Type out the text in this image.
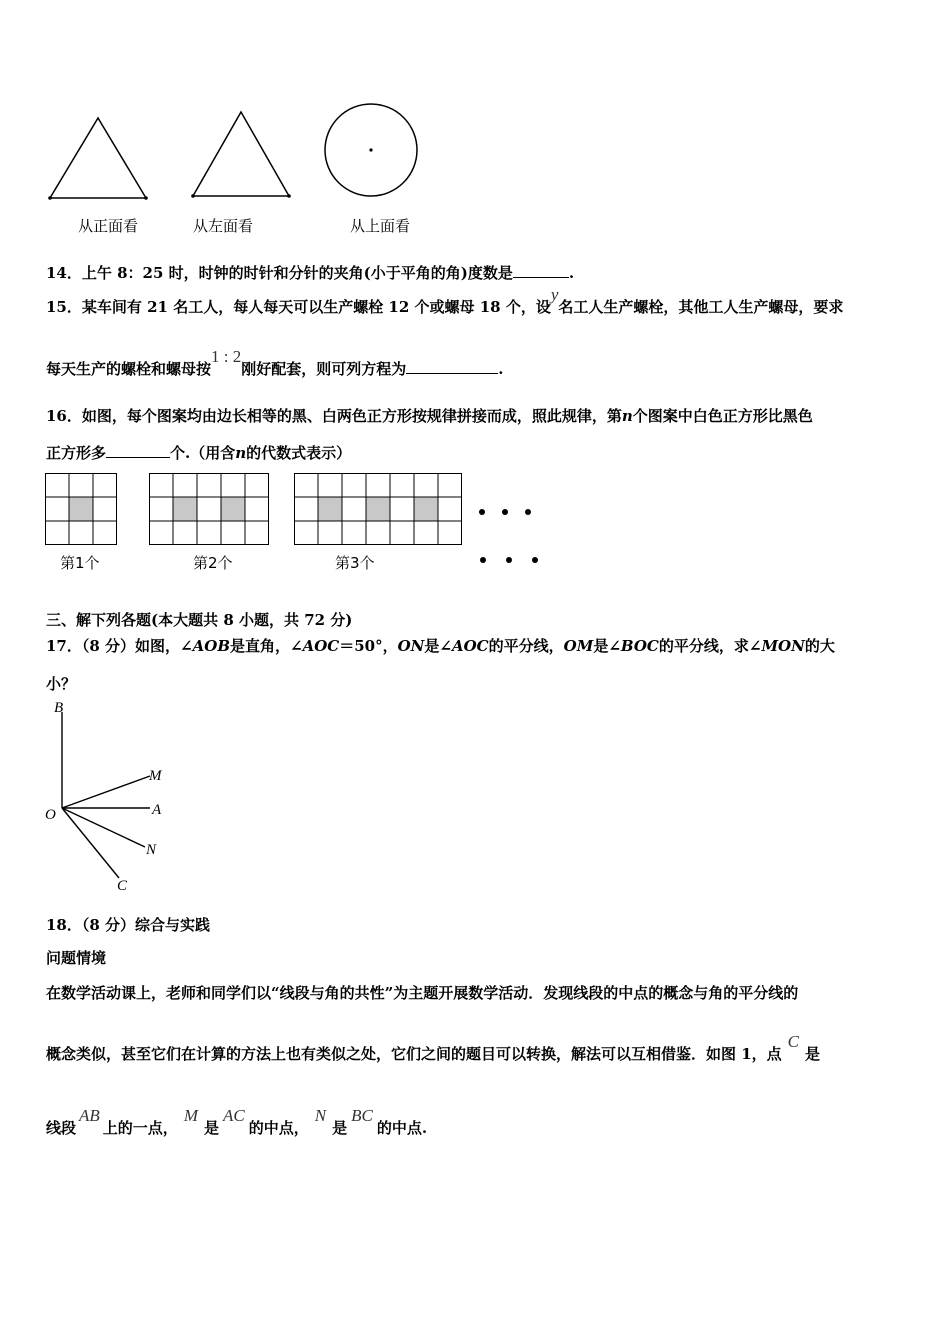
从正面看	从左面看	从上面看
14．上午 8：25 时，时钟的时针和分针的夹角(小于平角的角)度数是	.
15．某车间有 21 名工人，每人每天可以生产螺栓 12 个或螺母 18 个，设y名工人生产螺栓，其他工人生产螺母，要求
每天生产的螺栓和螺母按1 : 2刚好配套，则可列方程为	.
16．如图，每个图案均由边长相等的黑、白两色正方形按规律拼接而成，照此规律，第n个图案中白色正方形比黑色
正方形多	个.（用含n的代数式表示）
第1个	第2个	第3个
三、解下列各题(本大题共 8 小题，共 72 分)
17．（8 分）如图，∠AOB是直角，∠AOC＝50°，ON是∠AOC的平分线，OM是∠BOC的平分线，求∠MON的大
小？
B
M
A
O
N
C
18．（8 分）综合与实践
问题情境
在数学活动课上，老师和同学们以“线段与角的共性”为主题开展数学活动．发现线段的中点的概念与角的平分线的
概念类似，甚至它们在计算的方法上也有类似之处，它们之间的题目可以转换，解法可以互相借鉴．如图 1，点C是
线段AB上的一点，M是AC的中点，N是BC的中点.
